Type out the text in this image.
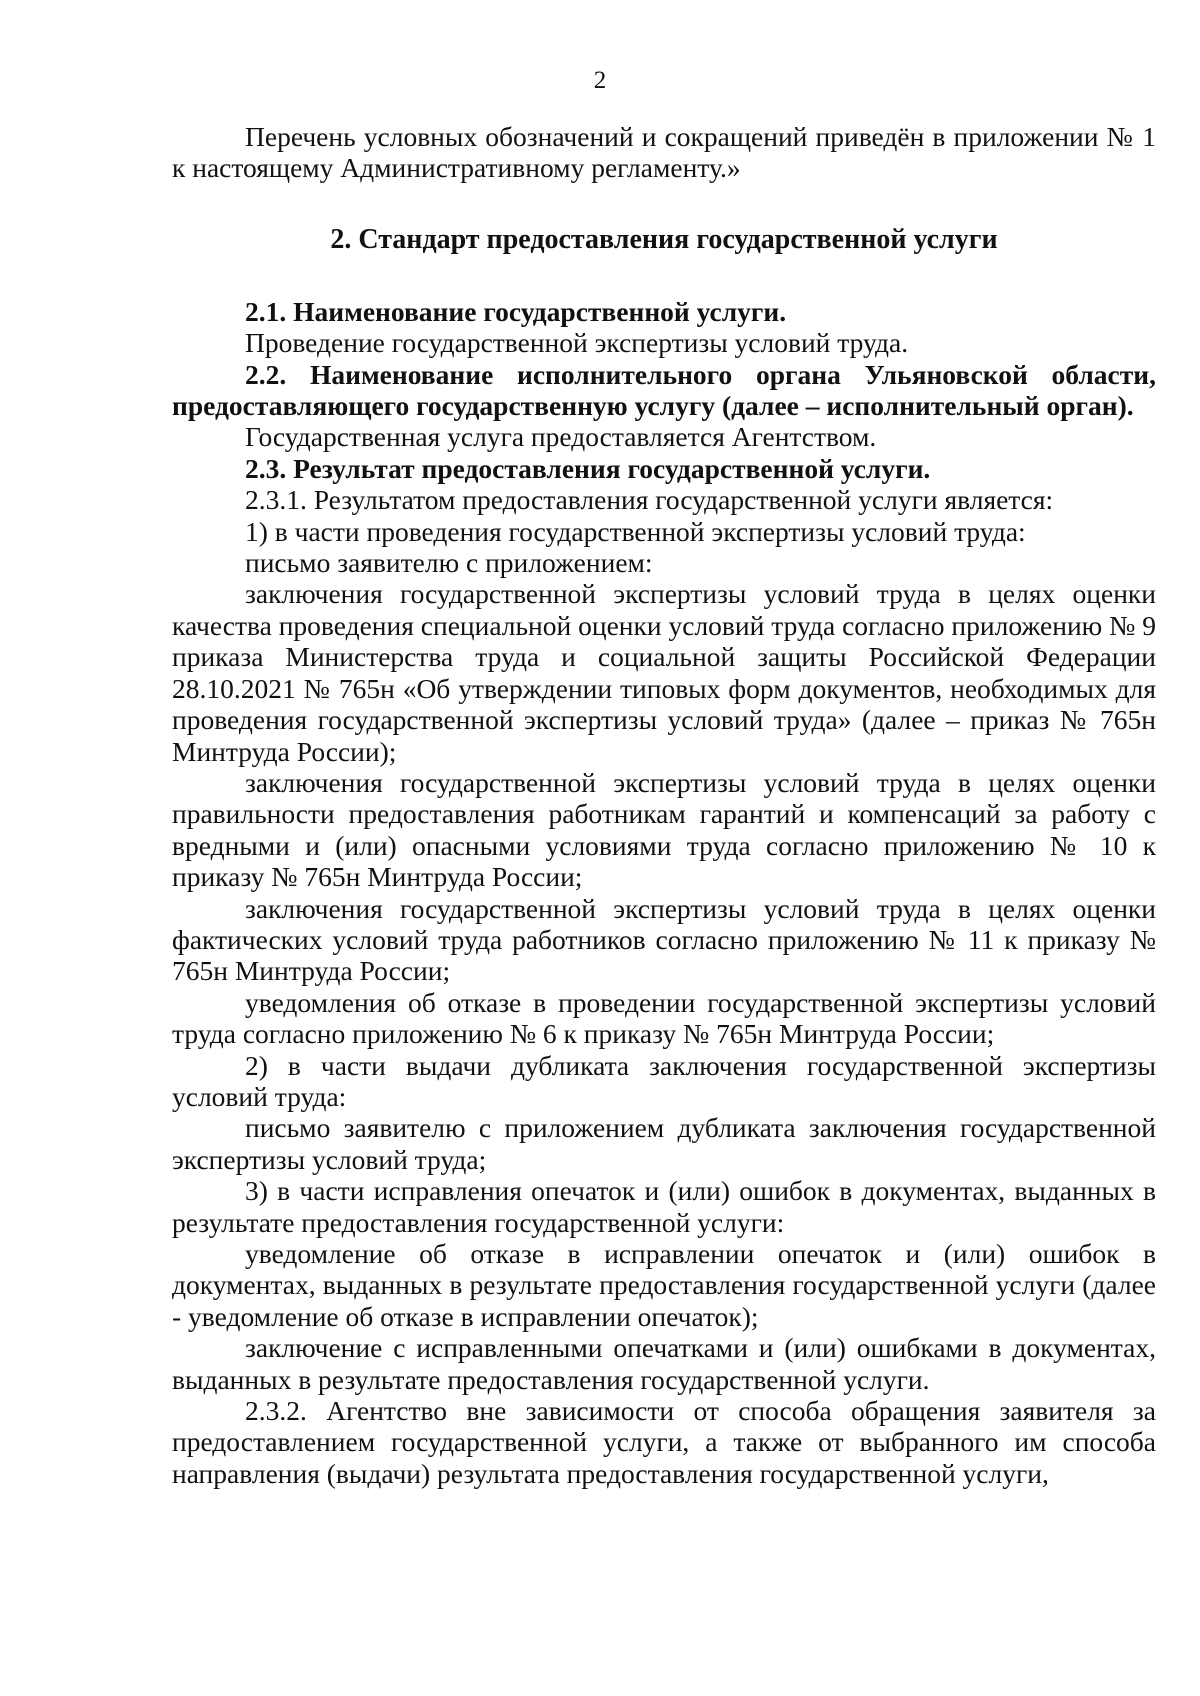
2

Перечень условных обозначений и сокращений приведён в приложении № 1 к настоящему Административному регламенту.»

2. Стандарт предоставления государственной услуги

2.1. Наименование государственной услуги.

Проведение государственной экспертизы условий труда.

2.2. Наименование исполнительного органа Ульяновской области, предоставляющего государственную услугу (далее – исполнительный орган).

Государственная услуга предоставляется Агентством.

2.3. Результат предоставления государственной услуги.

2.3.1. Результатом предоставления государственной услуги является:

1) в части проведения государственной экспертизы условий труда:

письмо заявителю с приложением:

заключения государственной экспертизы условий труда в целях оценки качества проведения специальной оценки условий труда согласно приложению № 9 приказа Министерства труда и социальной защиты Российской Федерации 28.10.2021 № 765н «Об утверждении типовых форм документов, необходимых для проведения государственной экспертизы условий труда» (далее – приказ № 765н Минтруда России);

заключения государственной экспертизы условий труда в целях оценки правильности предоставления работникам гарантий и компенсаций за работу с вредными и (или) опасными условиями труда согласно приложению № 10 к приказу № 765н Минтруда России;

заключения государственной экспертизы условий труда в целях оценки фактических условий труда работников согласно приложению № 11 к приказу № 765н Минтруда России;

уведомления об отказе в проведении государственной экспертизы условий труда согласно приложению № 6 к приказу № 765н Минтруда России;

2) в части выдачи дубликата заключения государственной экспертизы условий труда:

письмо заявителю с приложением дубликата заключения государственной экспертизы условий труда;

3) в части исправления опечаток и (или) ошибок в документах, выданных в результате предоставления государственной услуги:

уведомление об отказе в исправлении опечаток и (или) ошибок в документах, выданных в результате предоставления государственной услуги (далее - уведомление об отказе в исправлении опечаток);

заключение с исправленными опечатками и (или) ошибками в документах, выданных в результате предоставления государственной услуги.

2.3.2. Агентство вне зависимости от способа обращения заявителя за предоставлением государственной услуги, а также от выбранного им способа направления (выдачи) результата предоставления государственной услуги,
